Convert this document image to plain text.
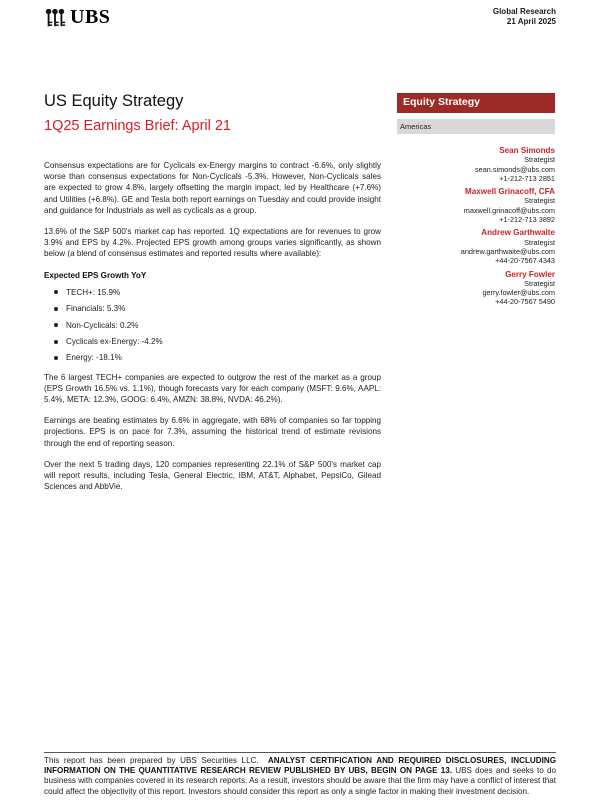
UBS	Global Research
21 April 2025
US Equity Strategy
1Q25 Earnings Brief: April 21

Consensus expectations are for Cyclicals ex-Energy margins to contract -6.6%, only slightly worse than consensus expectations for Non-Cyclicals -5.3%. However, Non-Cyclicals sales are expected to grow 4.8%, largely offsetting the margin impact, led by Healthcare (+7.6%) and Utilities (+6.8%). GE and Tesla both report earnings on Tuesday and could provide insight and guidance for Industrials as well as cyclicals as a group.

13.6% of the S&P 500's market cap has reported. 1Q expectations are for revenues to grow 3.9% and EPS by 4.2%. Projected EPS growth among groups varies significantly, as shown below (a blend of consensus estimates and reported results where available):

Expected EPS Growth YoY
TECH+: 15.9%
Financials: 5.3%
Non-Cyclicals: 0.2%
Cyclicals ex-Energy: -4.2%
Energy: -18.1%

The 6 largest TECH+ companies are expected to outgrow the rest of the market as a group (EPS Growth 16.5% vs. 1.1%), though forecasts vary for each company (MSFT: 9.6%, AAPL: 5.4%, META: 12.3%, GOOG: 6.4%, AMZN: 38.8%, NVDA: 46.2%).

Earnings are beating estimates by 6.6% in aggregate, with 68% of companies so far topping projections. EPS is on pace for 7.3%, assuming the historical trend of estimate revisions through the end of reporting season.

Over the next 5 trading days, 120 companies representing 22.1% of S&P 500's market cap will report results, including Tesla, General Electric, IBM, AT&T, Alphabet, PepsiCo, Gilead Sciences and AbbVie.

Equity Strategy
Americas
Sean Simonds
Strategist
sean.simonds@ubs.com
+1-212-713 2851
Maxwell Grinacoff, CFA
Strategist
maxwell.grinacoff@ubs.com
+1-212-713 3892
Andrew Garthwaite
Strategist
andrew.garthwaite@ubs.com
+44-20-7567 4343
Gerry Fowler
Strategist
gerry.fowler@ubs.com
+44-20-7567 5490
This report has been prepared by UBS Securities LLC. ANALYST CERTIFICATION AND REQUIRED DISCLOSURES, INCLUDING INFORMATION ON THE QUANTITATIVE RESEARCH REVIEW PUBLISHED BY UBS, BEGIN ON PAGE 13. UBS does and seeks to do business with companies covered in its research reports. As a result, investors should be aware that the firm may have a conflict of interest that could affect the objectivity of this report. Investors should consider this report as only a single factor in making their investment decision.
